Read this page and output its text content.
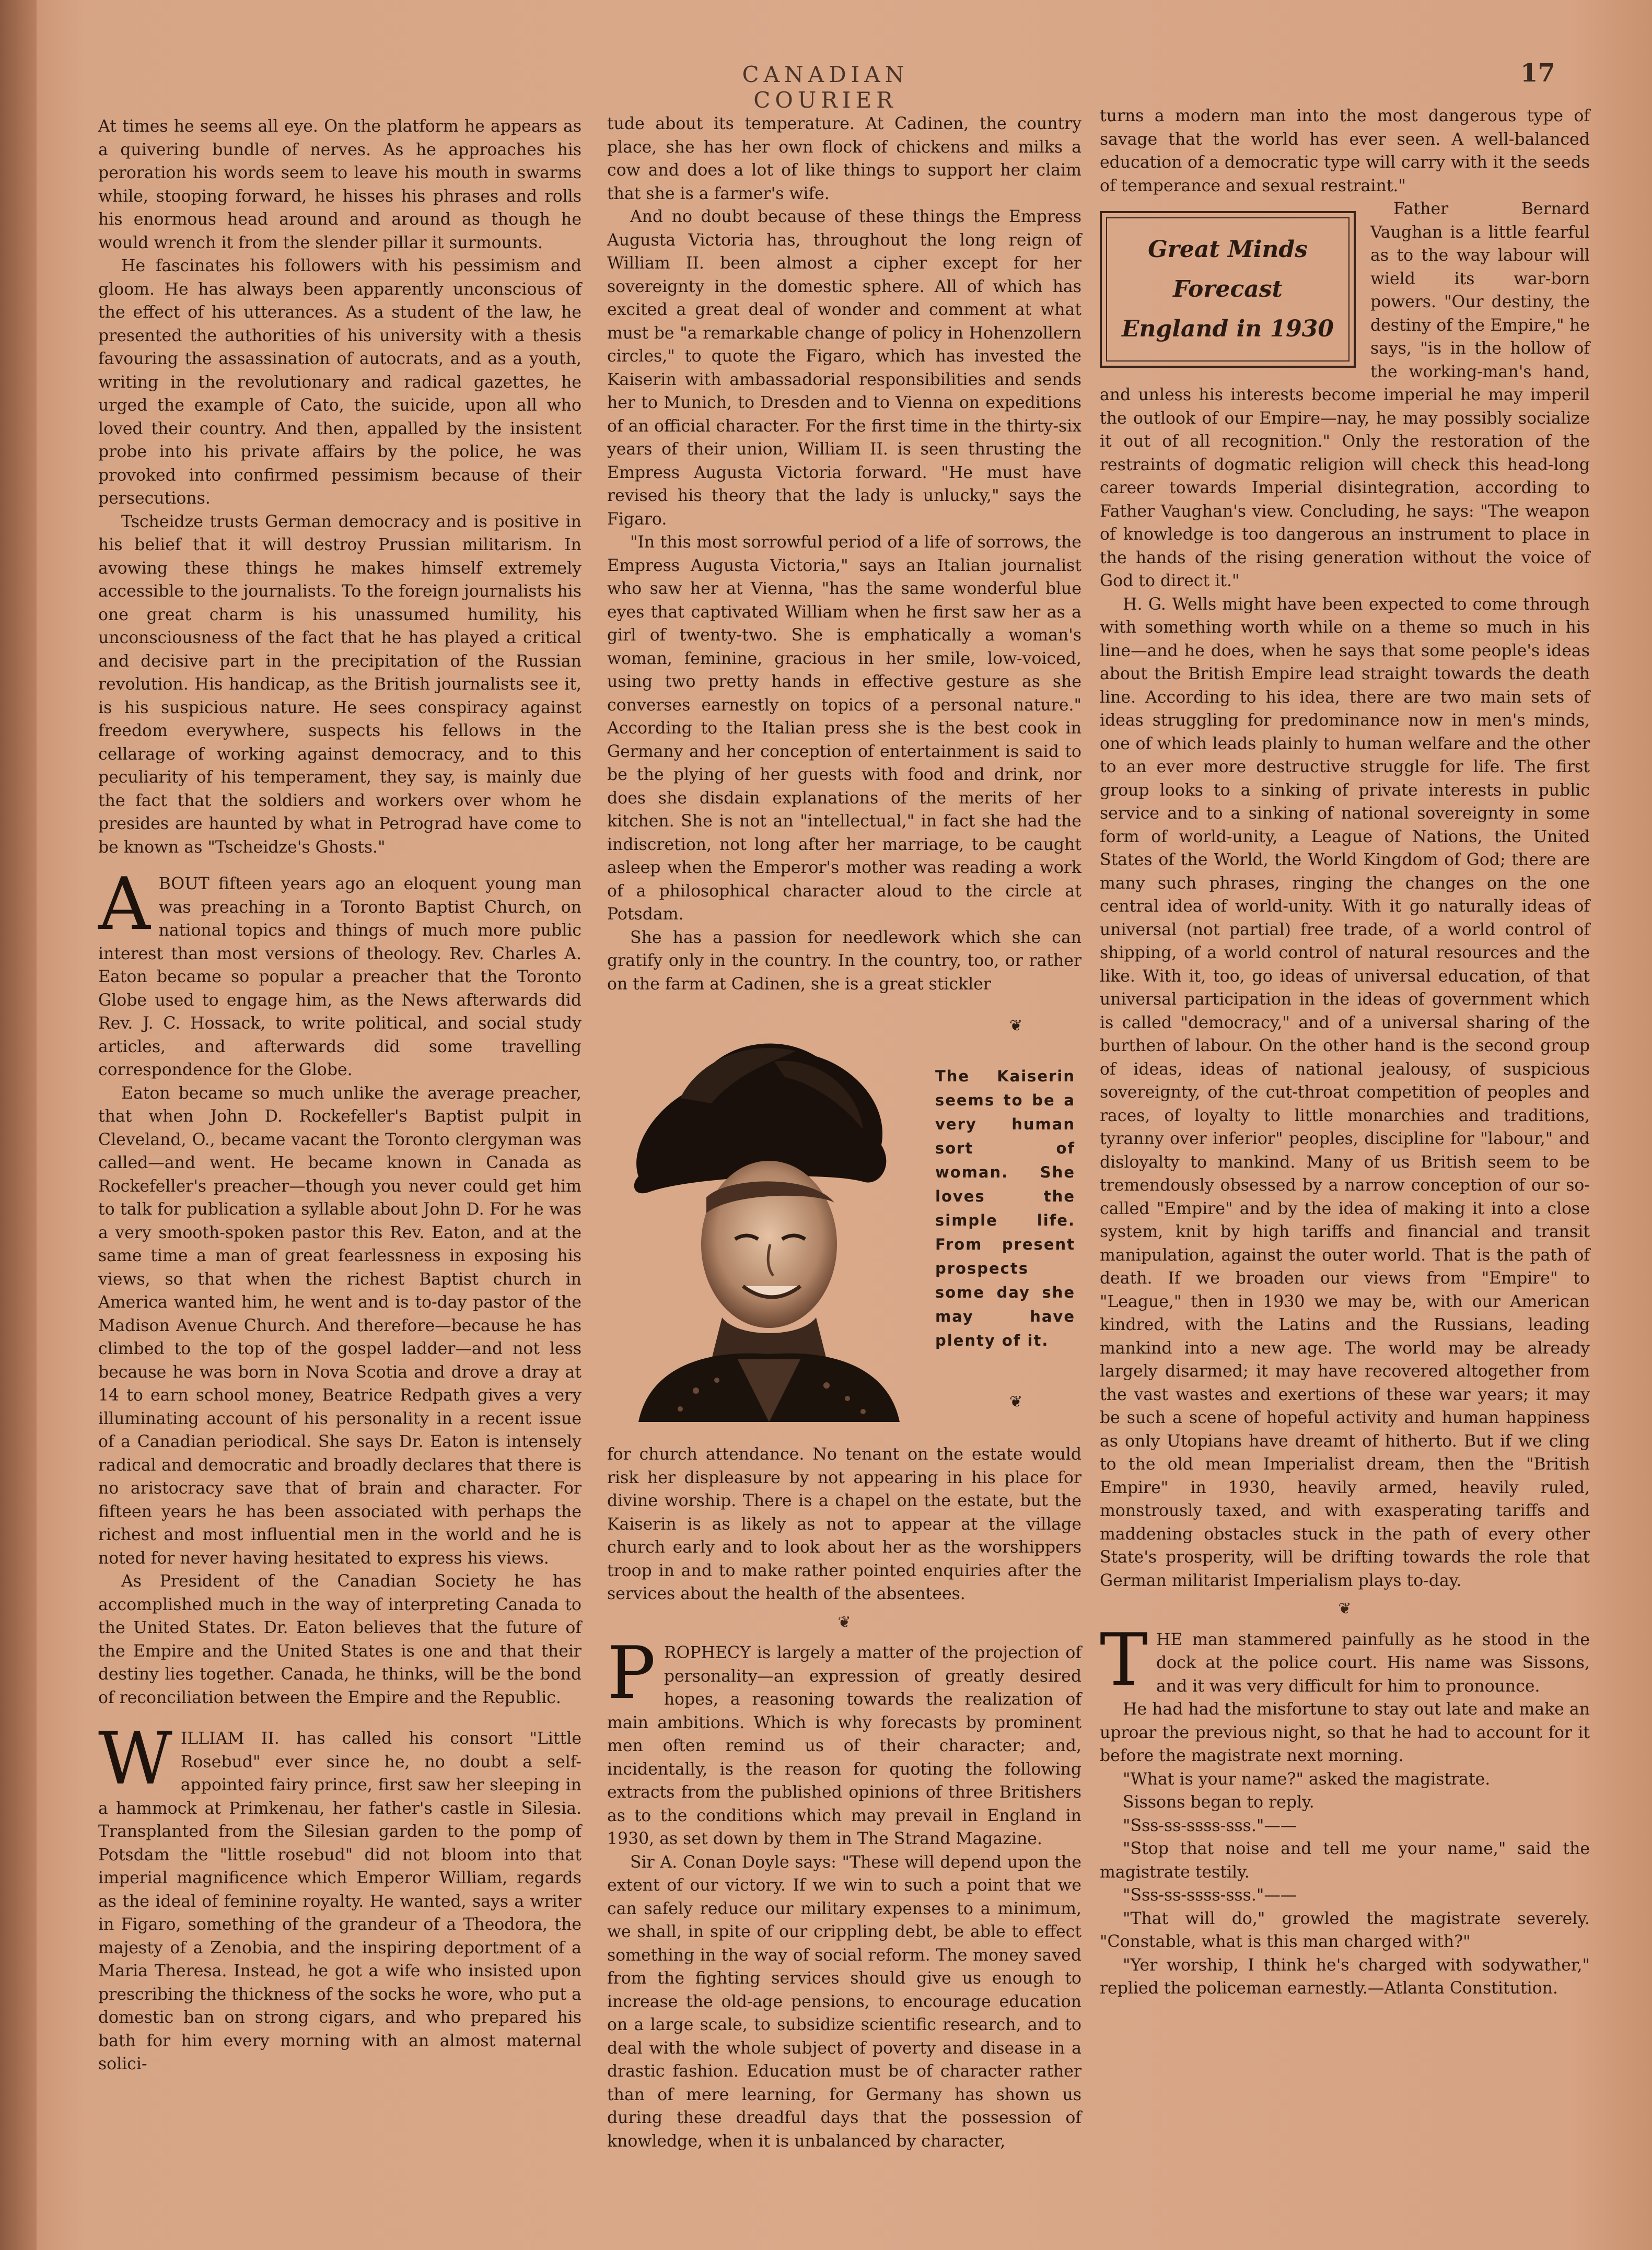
CANADIAN COURIER
17

At times he seems all eye. On the platform he appears as a quivering bundle of nerves. As he approaches his peroration his words seem to leave his mouth in swarms while, stooping forward, he hisses his phrases and rolls his enormous head around and around as though he would wrench it from the slender pillar it surmounts.

He fascinates his followers with his pessimism and gloom. He has always been apparently unconscious of the effect of his utterances. As a student of the law, he presented the authorities of his university with a thesis favouring the assassination of autocrats, and as a youth, writing in the revolutionary and radical gazettes, he urged the example of Cato, the suicide, upon all who loved their country. And then, appalled by the insistent probe into his private affairs by the police, he was provoked into confirmed pessimism because of their persecutions.

Tscheidze trusts German democracy and is positive in his belief that it will destroy Prussian militarism. In avowing these things he makes himself extremely accessible to the journalists. To the foreign journalists his one great charm is his unassumed humility, his unconsciousness of the fact that he has played a critical and decisive part in the precipitation of the Russian revolution. His handicap, as the British journalists see it, is his suspicious nature. He sees conspiracy against freedom everywhere, suspects his fellows in the cellarage of working against democracy, and to this peculiarity of his temperament, they say, is mainly due the fact that the soldiers and workers over whom he presides are haunted by what in Petrograd have come to be known as "Tscheidze's Ghosts."

ABOUT fifteen years ago an eloquent young man was preaching in a Toronto Baptist Church, on national topics and things of much more public interest than most versions of theology. Rev. Charles A. Eaton became so popular a preacher that the Toronto Globe used to engage him, as the News afterwards did Rev. J. C. Hossack, to write political, and social study articles, and afterwards did some travelling correspondence for the Globe.

Eaton became so much unlike the average preacher, that when John D. Rockefeller's Baptist pulpit in Cleveland, O., became vacant the Toronto clergyman was called—and went. He became known in Canada as Rockefeller's preacher—though you never could get him to talk for publication a syllable about John D. For he was a very smooth-spoken pastor this Rev. Eaton, and at the same time a man of great fearlessness in exposing his views, so that when the richest Baptist church in America wanted him, he went and is to-day pastor of the Madison Avenue Church. And therefore—because he has climbed to the top of the gospel ladder—and not less because he was born in Nova Scotia and drove a dray at 14 to earn school money, Beatrice Redpath gives a very illuminating account of his personality in a recent issue of a Canadian periodical. She says Dr. Eaton is intensely radical and democratic and broadly declares that there is no aristocracy save that of brain and character. For fifteen years he has been associated with perhaps the richest and most influential men in the world and he is noted for never having hesitated to express his views.

As President of the Canadian Society he has accomplished much in the way of interpreting Canada to the United States. Dr. Eaton believes that the future of the Empire and the United States is one and that their destiny lies together. Canada, he thinks, will be the bond of reconciliation between the Empire and the Republic.

WILLIAM II. has called his consort "Little Rosebud" ever since he, no doubt a self-appointed fairy prince, first saw her sleeping in a hammock at Primkenau, her father's castle in Silesia. Transplanted from the Silesian garden to the pomp of Potsdam the "little rosebud" did not bloom into that imperial magnificence which Emperor William, regards as the ideal of feminine royalty. He wanted, says a writer in Figaro, something of the grandeur of a Theodora, the majesty of a Zenobia, and the inspiring deportment of a Maria Theresa. Instead, he got a wife who insisted upon prescribing the thickness of the socks he wore, who put a domestic ban on strong cigars, and who prepared his bath for him every morning with an almost maternal solici-

tude about its temperature. At Cadinen, the country place, she has her own flock of chickens and milks a cow and does a lot of like things to support her claim that she is a farmer's wife.

And no doubt because of these things the Empress Augusta Victoria has, throughout the long reign of William II. been almost a cipher except for her sovereignty in the domestic sphere. All of which has excited a great deal of wonder and comment at what must be "a remarkable change of policy in Hohenzollern circles," to quote the Figaro, which has invested the Kaiserin with ambassadorial responsibilities and sends her to Munich, to Dresden and to Vienna on expeditions of an official character. For the first time in the thirty-six years of their union, William II. is seen thrusting the Empress Augusta Victoria forward. "He must have revised his theory that the lady is unlucky," says the Figaro.

"In this most sorrowful period of a life of sorrows, the Empress Augusta Victoria," says an Italian journalist who saw her at Vienna, "has the same wonderful blue eyes that captivated William when he first saw her as a girl of twenty-two. She is emphatically a woman's woman, feminine, gracious in her smile, low-voiced, using two pretty hands in effective gesture as she converses earnestly on topics of a personal nature." According to the Italian press she is the best cook in Germany and her conception of entertainment is said to be the plying of her guests with food and drink, nor does she disdain explanations of the merits of her kitchen. She is not an "intellectual," in fact she had the indiscretion, not long after her marriage, to be caught asleep when the Emperor's mother was reading a work of a philosophical character aloud to the circle at Potsdam.

She has a passion for needlework which she can gratify only in the country. In the country, too, or rather on the farm at Cadinen, she is a great stickler

❦
The Kaiserin seems to be a very human sort of woman. She loves the simple life. From present prospects some day she may have plenty of it.
❦

for church attendance. No tenant on the estate would risk her displeasure by not appearing in his place for divine worship. There is a chapel on the estate, but the Kaiserin is as likely as not to appear at the village church early and to look about her as the worshippers troop in and to make rather pointed enquiries after the services about the health of the absentees.

❦

PROPHECY is largely a matter of the projection of personality—an expression of greatly desired hopes, a reasoning towards the realization of main ambitions. Which is why forecasts by prominent men often remind us of their character; and, incidentally, is the reason for quoting the following extracts from the published opinions of three Britishers as to the conditions which may prevail in England in 1930, as set down by them in The Strand Magazine.

Sir A. Conan Doyle says: "These will depend upon the extent of our victory. If we win to such a point that we can safely reduce our military expenses to a minimum, we shall, in spite of our crippling debt, be able to effect something in the way of social reform. The money saved from the fighting services should give us enough to increase the old-age pensions, to encourage education on a large scale, to subsidize scientific research, and to deal with the whole subject of poverty and disease in a drastic fashion. Education must be of character rather than of mere learning, for Germany has shown us during these dreadful days that the possession of knowledge, when it is unbalanced by character,

turns a modern man into the most dangerous type of savage that the world has ever seen. A well-balanced education of a democratic type will carry with it the seeds of temperance and sexual restraint."

Great Minds
Forecast
England in 1930

Father Bernard Vaughan is a little fearful as to the way labour will wield its war-born powers. "Our destiny, the destiny of the Empire," he says, "is in the hollow of the working-man's hand, and unless his interests become imperial he may imperil the outlook of our Empire—nay, he may possibly socialize it out of all recognition." Only the restoration of the restraints of dogmatic religion will check this head-long career towards Imperial disintegration, according to Father Vaughan's view. Concluding, he says: "The weapon of knowledge is too dangerous an instrument to place in the hands of the rising generation without the voice of God to direct it."

H. G. Wells might have been expected to come through with something worth while on a theme so much in his line—and he does, when he says that some people's ideas about the British Empire lead straight towards the death line. According to his idea, there are two main sets of ideas struggling for predominance now in men's minds, one of which leads plainly to human welfare and the other to an ever more destructive struggle for life. The first group looks to a sinking of private interests in public service and to a sinking of national sovereignty in some form of world-unity, a League of Nations, the United States of the World, the World Kingdom of God; there are many such phrases, ringing the changes on the one central idea of world-unity. With it go naturally ideas of universal (not partial) free trade, of a world control of shipping, of a world control of natural resources and the like. With it, too, go ideas of universal education, of that universal participation in the ideas of government which is called "democracy," and of a universal sharing of the burthen of labour. On the other hand is the second group of ideas, ideas of national jealousy, of suspicious sovereignty, of the cut-throat competition of peoples and races, of loyalty to little monarchies and traditions, tyranny over inferior" peoples, discipline for "labour," and disloyalty to mankind. Many of us British seem to be tremendously obsessed by a narrow conception of our so-called "Empire" and by the idea of making it into a close system, knit by high tariffs and financial and transit manipulation, against the outer world. That is the path of death. If we broaden our views from "Empire" to "League," then in 1930 we may be, with our American kindred, with the Latins and the Russians, leading mankind into a new age. The world may be already largely disarmed; it may have recovered altogether from the vast wastes and exertions of these war years; it may be such a scene of hopeful activity and human happiness as only Utopians have dreamt of hitherto. But if we cling to the old mean Imperialist dream, then the "British Empire" in 1930, heavily armed, heavily ruled, monstrously taxed, and with exasperating tariffs and maddening obstacles stuck in the path of every other State's prosperity, will be drifting towards the role that German militarist Imperialism plays to-day.

❦

THE man stammered painfully as he stood in the dock at the police court. His name was Sissons, and it was very difficult for him to pronounce.

He had had the misfortune to stay out late and make an uproar the previous night, so that he had to account for it before the magistrate next morning.

"What is your name?" asked the magistrate.

Sissons began to reply.

"Sss-ss-ssss-sss."——

"Stop that noise and tell me your name," said the magistrate testily.

"Sss-ss-ssss-sss."——

"That will do," growled the magistrate severely. "Constable, what is this man charged with?"

"Yer worship, I think he's charged with sodywather," replied the policeman earnestly.—Atlanta Constitution.
